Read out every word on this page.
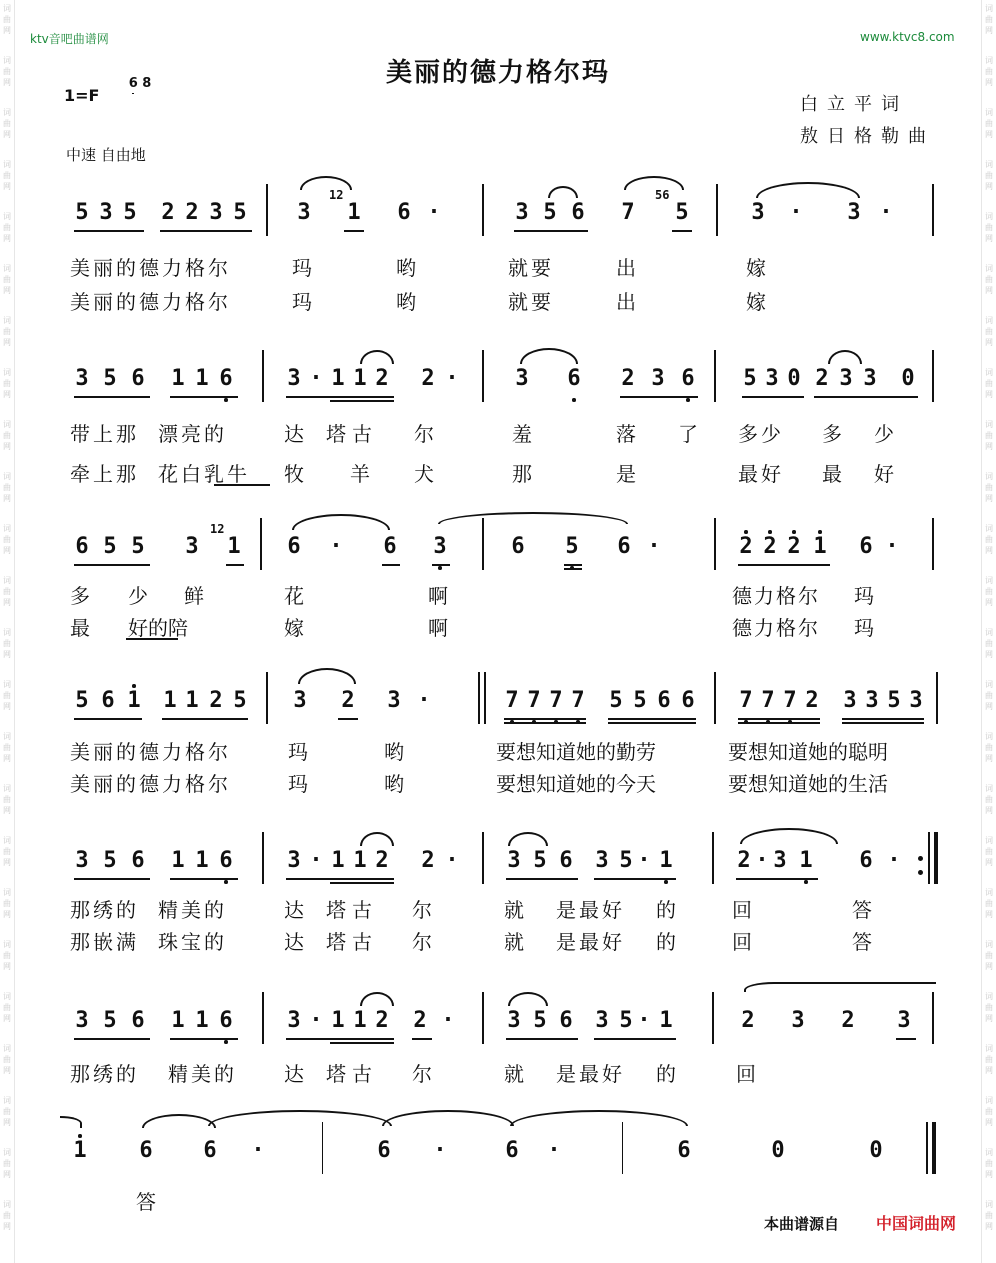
词
曲
网
词
曲
网
词
曲
网
词
曲
网
词
曲
网
词
曲
网
词
曲
网
词
曲
网
词
曲
网
词
曲
网
词
曲
网
词
曲
网
词
曲
网
词
曲
网
词
曲
网
词
曲
网
词
曲
网
词
曲
网
词
曲
网
词
曲
网
词
曲
网
词
曲
网
词
曲
网
词
曲
网
词
曲
网
词
曲
网
词
曲
网
词
曲
网
词
曲
网
词
曲
网
词
曲
网
词
曲
网
词
曲
网
词
曲
网
词
曲
网
词
曲
网
词
曲
网
词
曲
网
词
曲
网
词
曲
网
词
曲
网
词
曲
网
词
曲
网
词
曲
网
词
曲
网
词
曲
网
词
曲
网
词
曲
网
ktv音吧曲谱网	www.ktvc8.com
美丽的德力格尔玛
1=F
6 8
白立平词
敖日格勒曲
中速 自由地
5 3 5 2 2 3 5 3 1 6 ·	3 5 6 7 5	3 · 3 ·
12	56
美丽的德力格尔	玛	哟	就要	出	嫁
美丽的德力格尔	玛	哟	就要	出	嫁
3 5 6 1 1 6 3 · 1 1 2 2 ·	3 6 2 3 6 5 3 0 2 3 3 0
带上那 漂亮的	达 塔古 尔	羞	落 了 多少 多 少
牵上那 花白乳牛 牧 羊 犬	那	是	最好 最 好
6 5 5 3 1 6 · 6 3	6 5 6 ·	2 2 2 1 6 ·
12
多 少 鲜	花	啊	德力格尔 玛
最 好的陪	嫁	啊	德力格尔 玛
5 6 1 1 1 2 5 3 2 3 ·	7 7 7 7 5 5 6 6 7 7 7 2 3 3 5 3
美丽的德力格尔	玛	哟	要想知道她的勤劳	要想知道她的聪明
美丽的德力格尔	玛	哟	要想知道她的今天	要想知道她的生活
3 5 6 1 1 6 3 · 1 1 2 2 · 3 5 6 3 5 · 1	2 · 3 1 6 ·
那绣的 精美的	达 塔古 尔	就 是最好 的	回	答
那嵌满 珠宝的	达 塔古 尔	就 是最好 的	回	答
3 5 6 1 1 6 3 · 1 1 2 2 · 3 5 6 3 5 · 1	2 3 2 3
那绣的 精美的 达 塔古 尔	就 是最好 的	回
1 6 6 ·	6 ·	6 ·	6	0	0
答
本曲谱源自 中国词曲网
